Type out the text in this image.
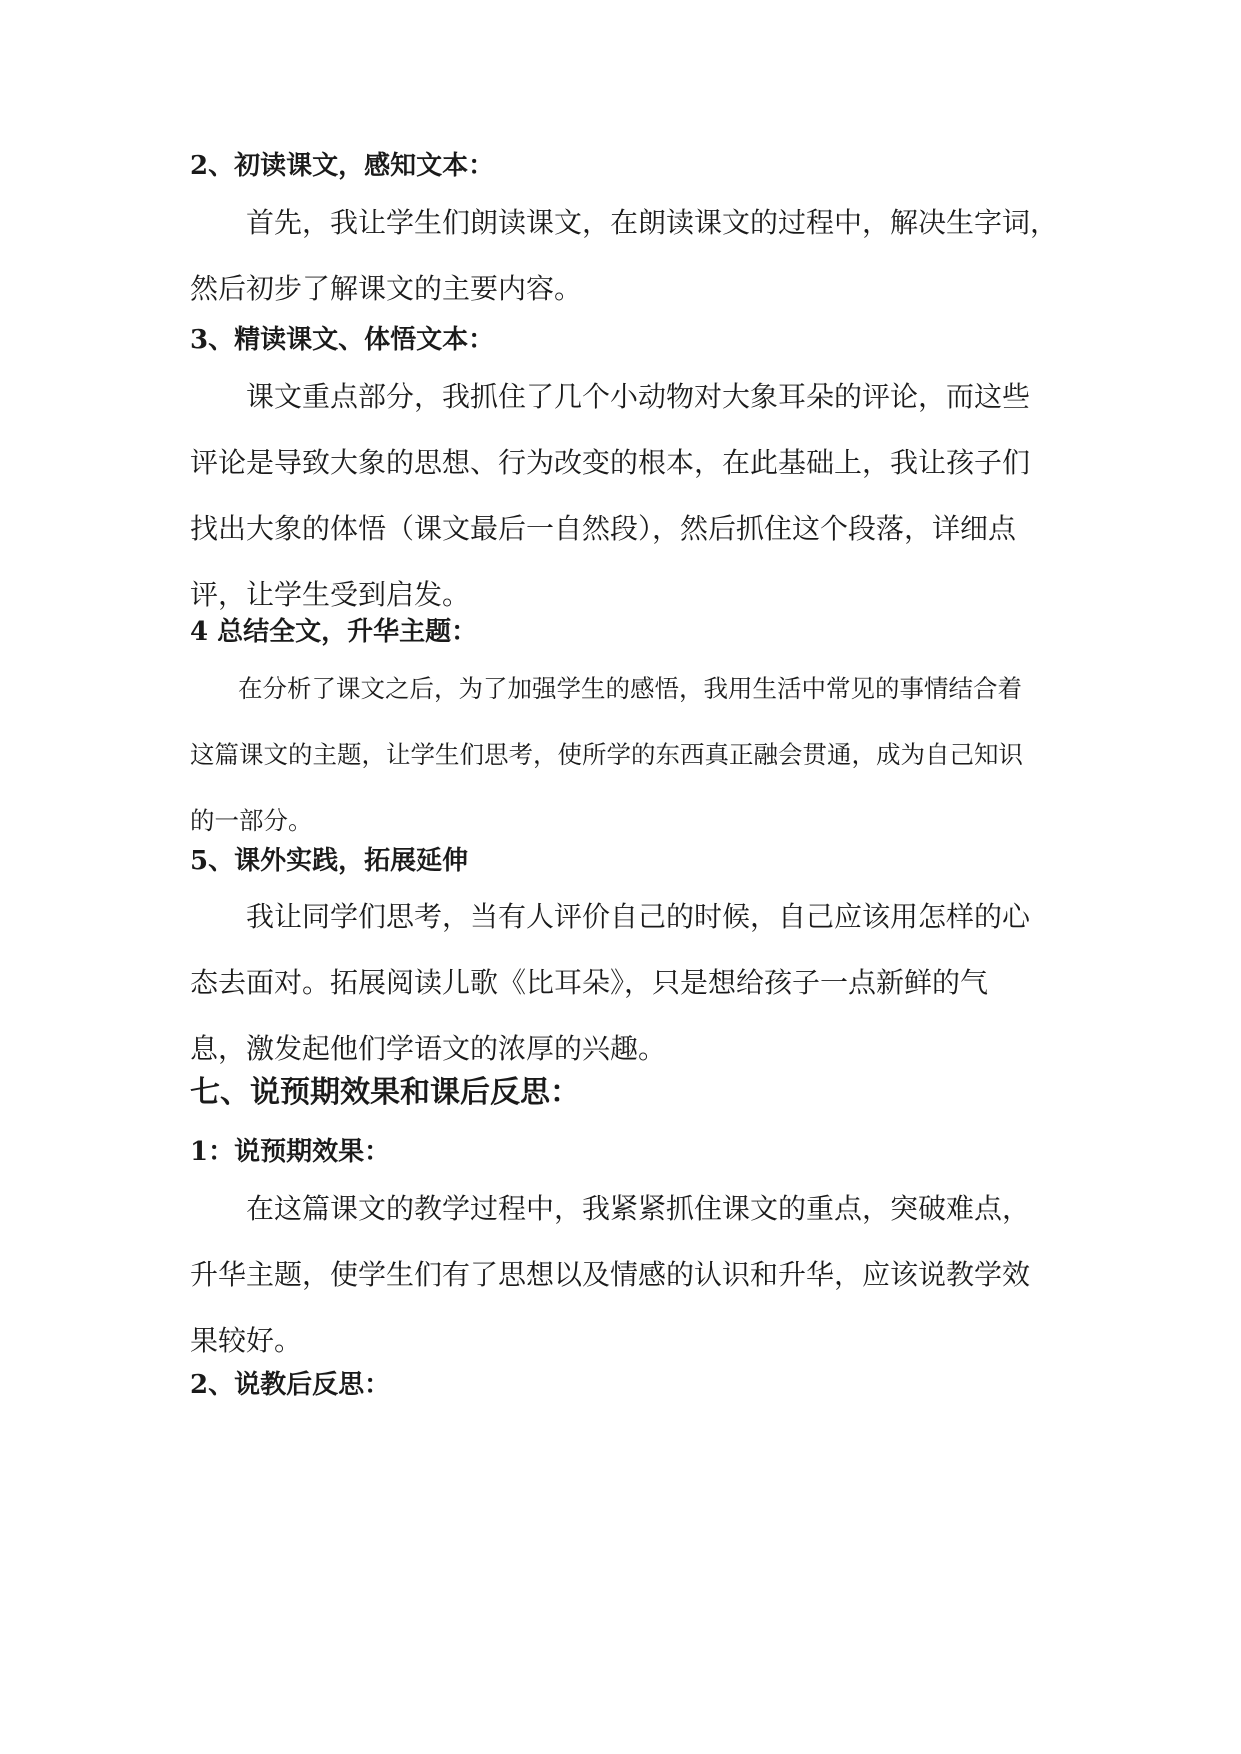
2、初读课文，感知文本：
首先，我让学生们朗读课文，在朗读课文的过程中，解决生字词，
然后初步了解课文的主要内容。
3、精读课文、体悟文本：
课文重点部分，我抓住了几个小动物对大象耳朵的评论，而这些
评论是导致大象的思想、行为改变的根本，在此基础上，我让孩子们
找出大象的体悟（课文最后一自然段），然后抓住这个段落，详细点
评，让学生受到启发。
4 总结全文，升华主题：
在分析了课文之后，为了加强学生的感悟，我用生活中常见的事情结合着
这篇课文的主题，让学生们思考，使所学的东西真正融会贯通，成为自己知识
的一部分。
5、课外实践，拓展延伸
我让同学们思考，当有人评价自己的时候，自己应该用怎样的心
态去面对。拓展阅读儿歌《比耳朵》，只是想给孩子一点新鲜的气
息，激发起他们学语文的浓厚的兴趣。
七、说预期效果和课后反思：
1：说预期效果：
在这篇课文的教学过程中，我紧紧抓住课文的重点，突破难点，
升华主题，使学生们有了思想以及情感的认识和升华，应该说教学效
果较好。
2、说教后反思：
